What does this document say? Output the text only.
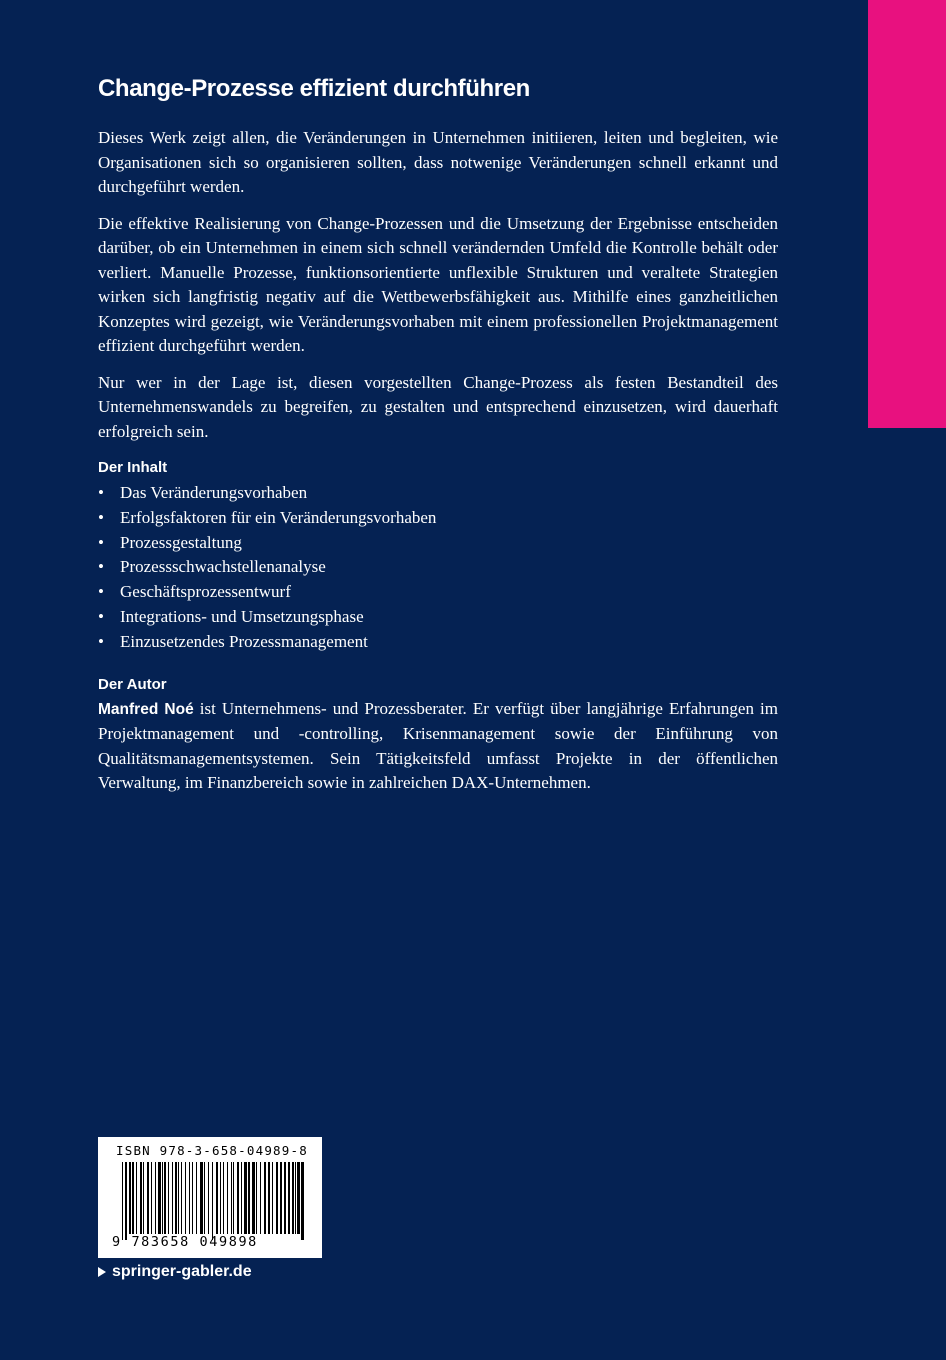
Change-Prozesse effizient durchführen

Dieses Werk zeigt allen, die Veränderungen in Unternehmen initiieren, leiten und begleiten, wie Organisationen sich so organisieren sollten, dass notwenige Veränderungen schnell erkannt und durchgeführt werden.

Die effektive Realisierung von Change-Prozessen und die Umsetzung der Ergebnisse entscheiden darüber, ob ein Unternehmen in einem sich schnell verändernden Umfeld die Kontrolle behält oder verliert. Manuelle Prozesse, funktionsorientierte unflexible Strukturen und veraltete Strategien wirken sich langfristig negativ auf die Wettbewerbsfähigkeit aus. Mithilfe eines ganzheitlichen Konzeptes wird gezeigt, wie Veränderungsvorhaben mit einem professionellen Projektmanagement effizient durchgeführt werden.

Nur wer in der Lage ist, diesen vorgestellten Change-Prozess als festen Bestandteil des Unternehmenswandels zu begreifen, zu gestalten und entsprechend einzusetzen, wird dauerhaft erfolgreich sein.

Der Inhalt
• Das Veränderungsvorhaben
• Erfolgsfaktoren für ein Veränderungsvorhaben
• Prozessgestaltung
• Prozessschwachstellenanalyse
• Geschäftsprozessentwurf
• Integrations- und Umsetzungsphase
• Einzusetzendes Prozessmanagement
Der Autor

Manfred Noé ist Unternehmens- und Prozessberater. Er verfügt über langjährige Erfahrungen im Projektmanagement und -controlling, Krisenmanagement sowie der Einführung von Qualitätsmanagementsystemen. Sein Tätigkeitsfeld umfasst Projekte in der öffentlichen Verwaltung, im Finanzbereich sowie in zahlreichen DAX-Unternehmen.

ISBN 978-3-658-04989-8
9 783658 049898
springer-gabler.de
